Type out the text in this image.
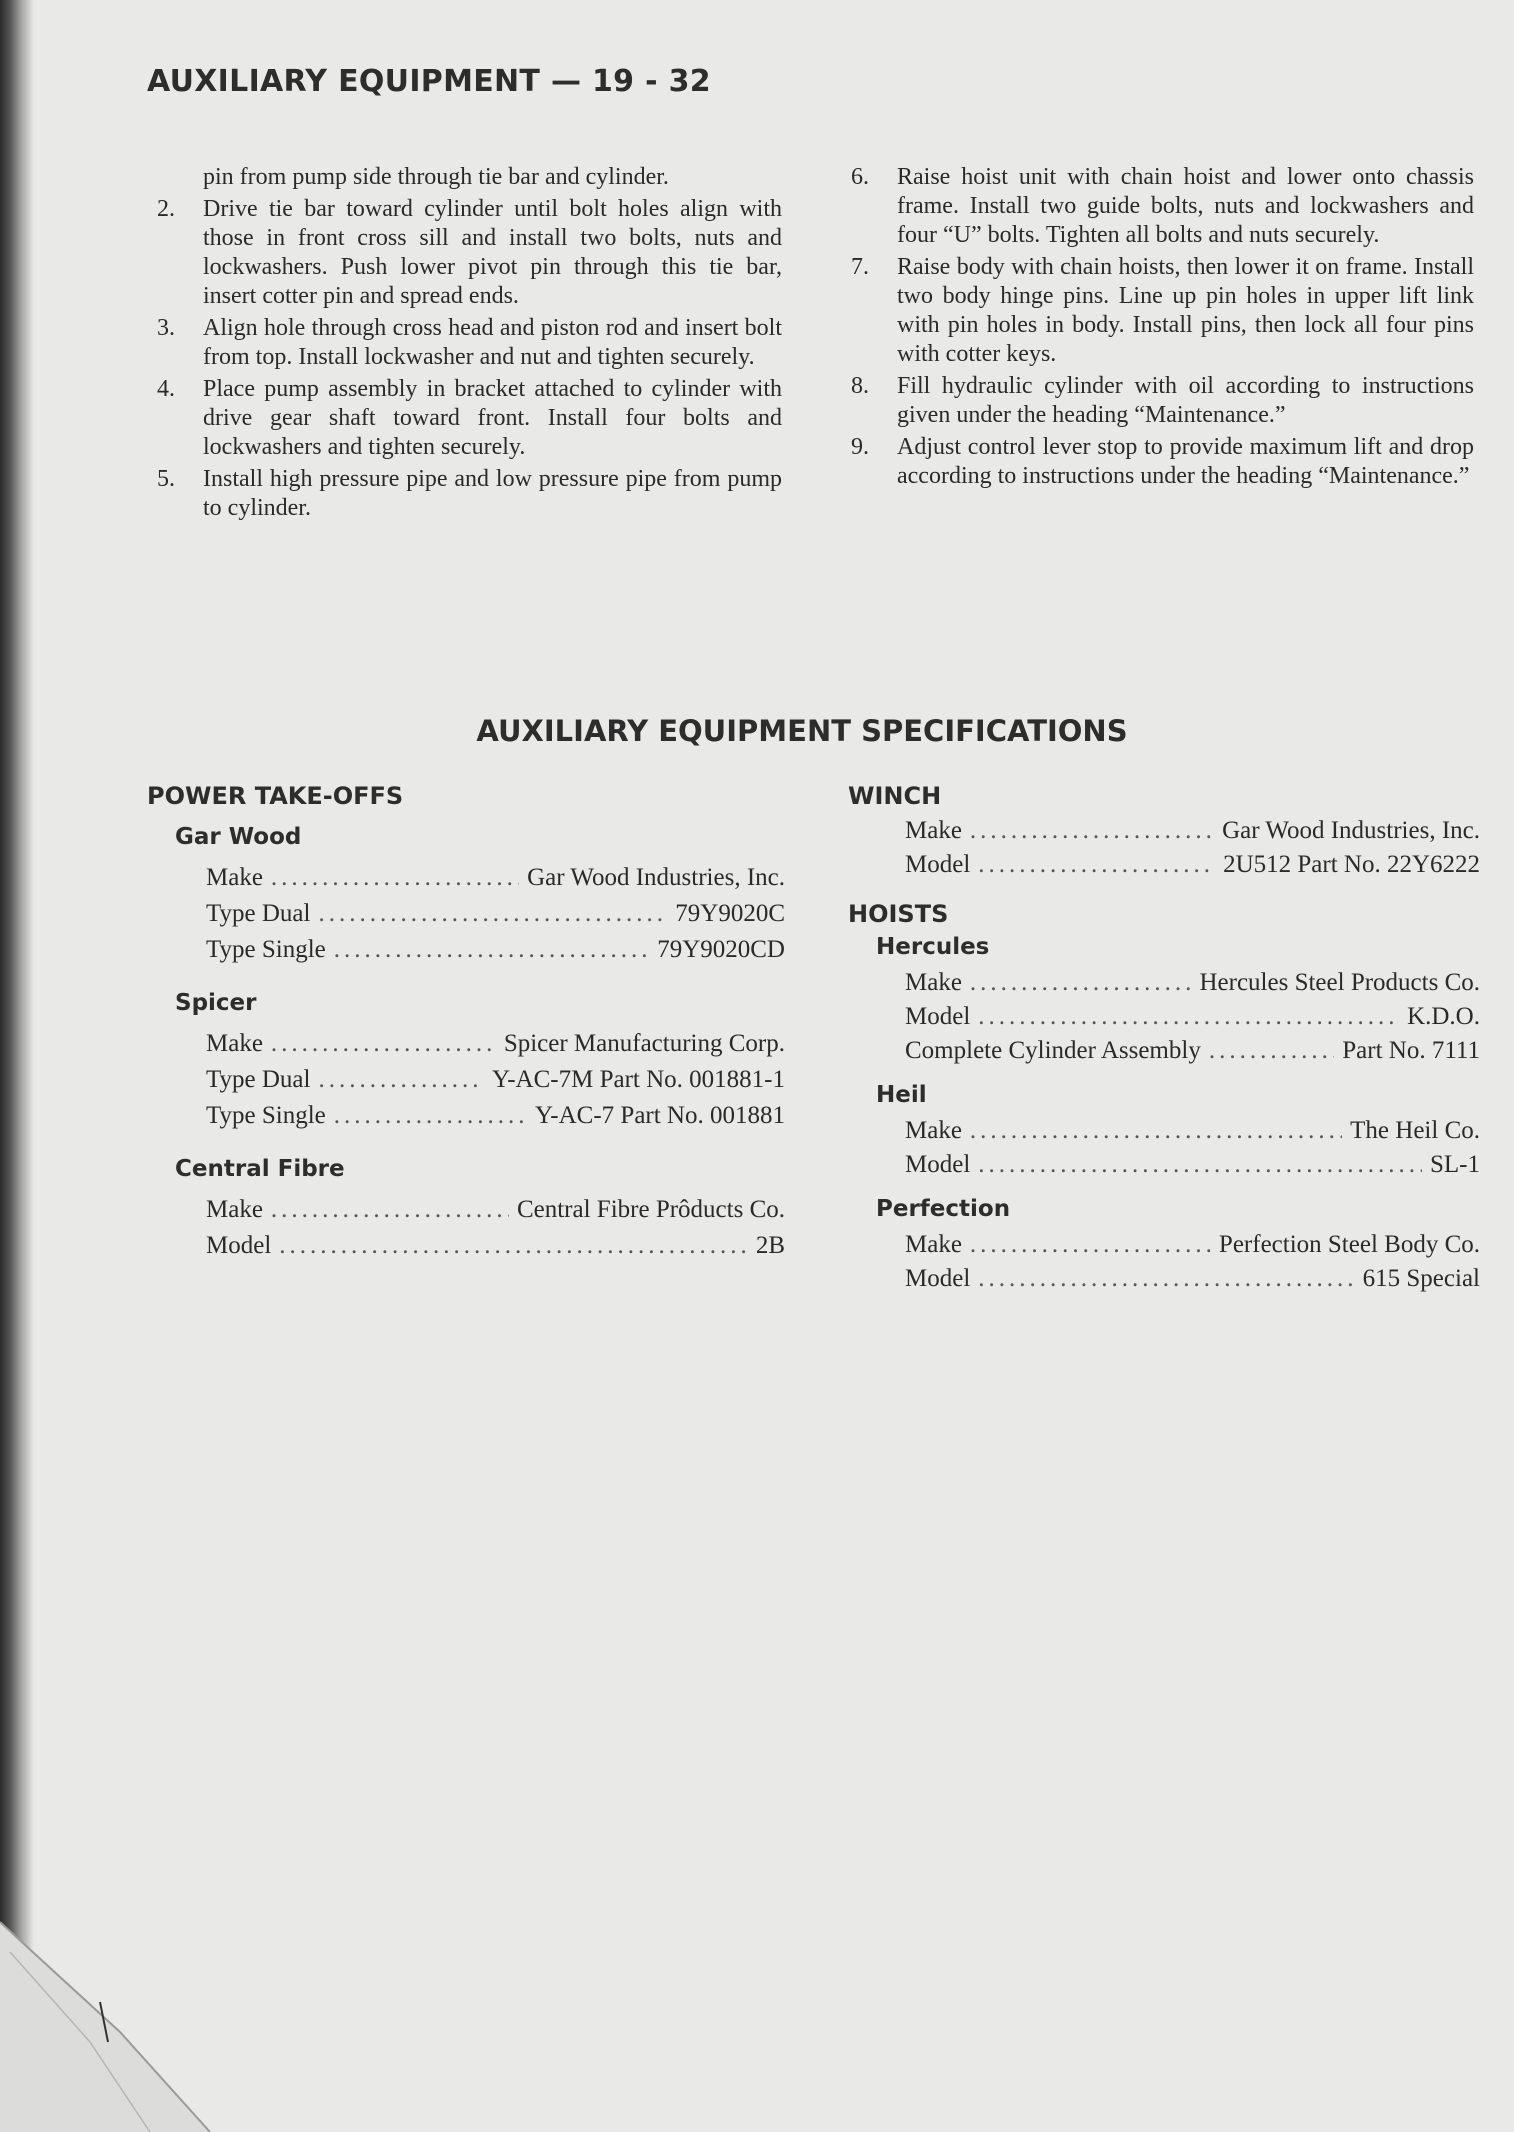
AUXILIARY EQUIPMENT — 19 - 32
pin from pump side through tie bar and cylinder.
2. Drive tie bar toward cylinder until bolt holes align with those in front cross sill and install two bolts, nuts and lockwashers. Push lower pivot pin through this tie bar, insert cotter pin and spread ends.
3. Align hole through cross head and piston rod and insert bolt from top. Install lockwasher and nut and tighten securely.
4. Place pump assembly in bracket attached to cylinder with drive gear shaft toward front. Install four bolts and lockwashers and tighten securely.
5. Install high pressure pipe and low pressure pipe from pump to cylinder.
6. Raise hoist unit with chain hoist and lower onto chassis frame. Install two guide bolts, nuts and lockwashers and four “U” bolts. Tighten all bolts and nuts securely.
7. Raise body with chain hoists, then lower it on frame. Install two body hinge pins. Line up pin holes in upper lift link with pin holes in body. Install pins, then lock all four pins with cotter keys.
8. Fill hydraulic cylinder with oil according to instructions given under the heading “Maintenance.”
9. Adjust control lever stop to provide maximum lift and drop according to instructions under the heading “Maintenance.”
AUXILIARY EQUIPMENT SPECIFICATIONS
POWER TAKE-OFFS
Gar Wood
Make .....	Gar Wood Industries, Inc.
Type Dual .....	79Y9020C
Type Single .....	79Y9020CD
Spicer
Make .....	Spicer Manufacturing Corp.
Type Dual .....	Y-AC-7M Part No. 001881-1
Type Single .....	Y-AC-7 Part No. 001881
Central Fibre
Make .....	Central Fibre Prôducts Co.
Model .....	2B
WINCH
Make .....	Gar Wood Industries, Inc.
Model .....	2U512 Part No. 22Y6222
HOISTS
Hercules
Make .....	Hercules Steel Products Co.
Model .....	K.D.O.
Complete Cylinder Assembly .....	Part No. 7111
Heil
Make .....	The Heil Co.
Model .....	SL-1
Perfection
Make .....	Perfection Steel Body Co.
Model .....	615 Special
